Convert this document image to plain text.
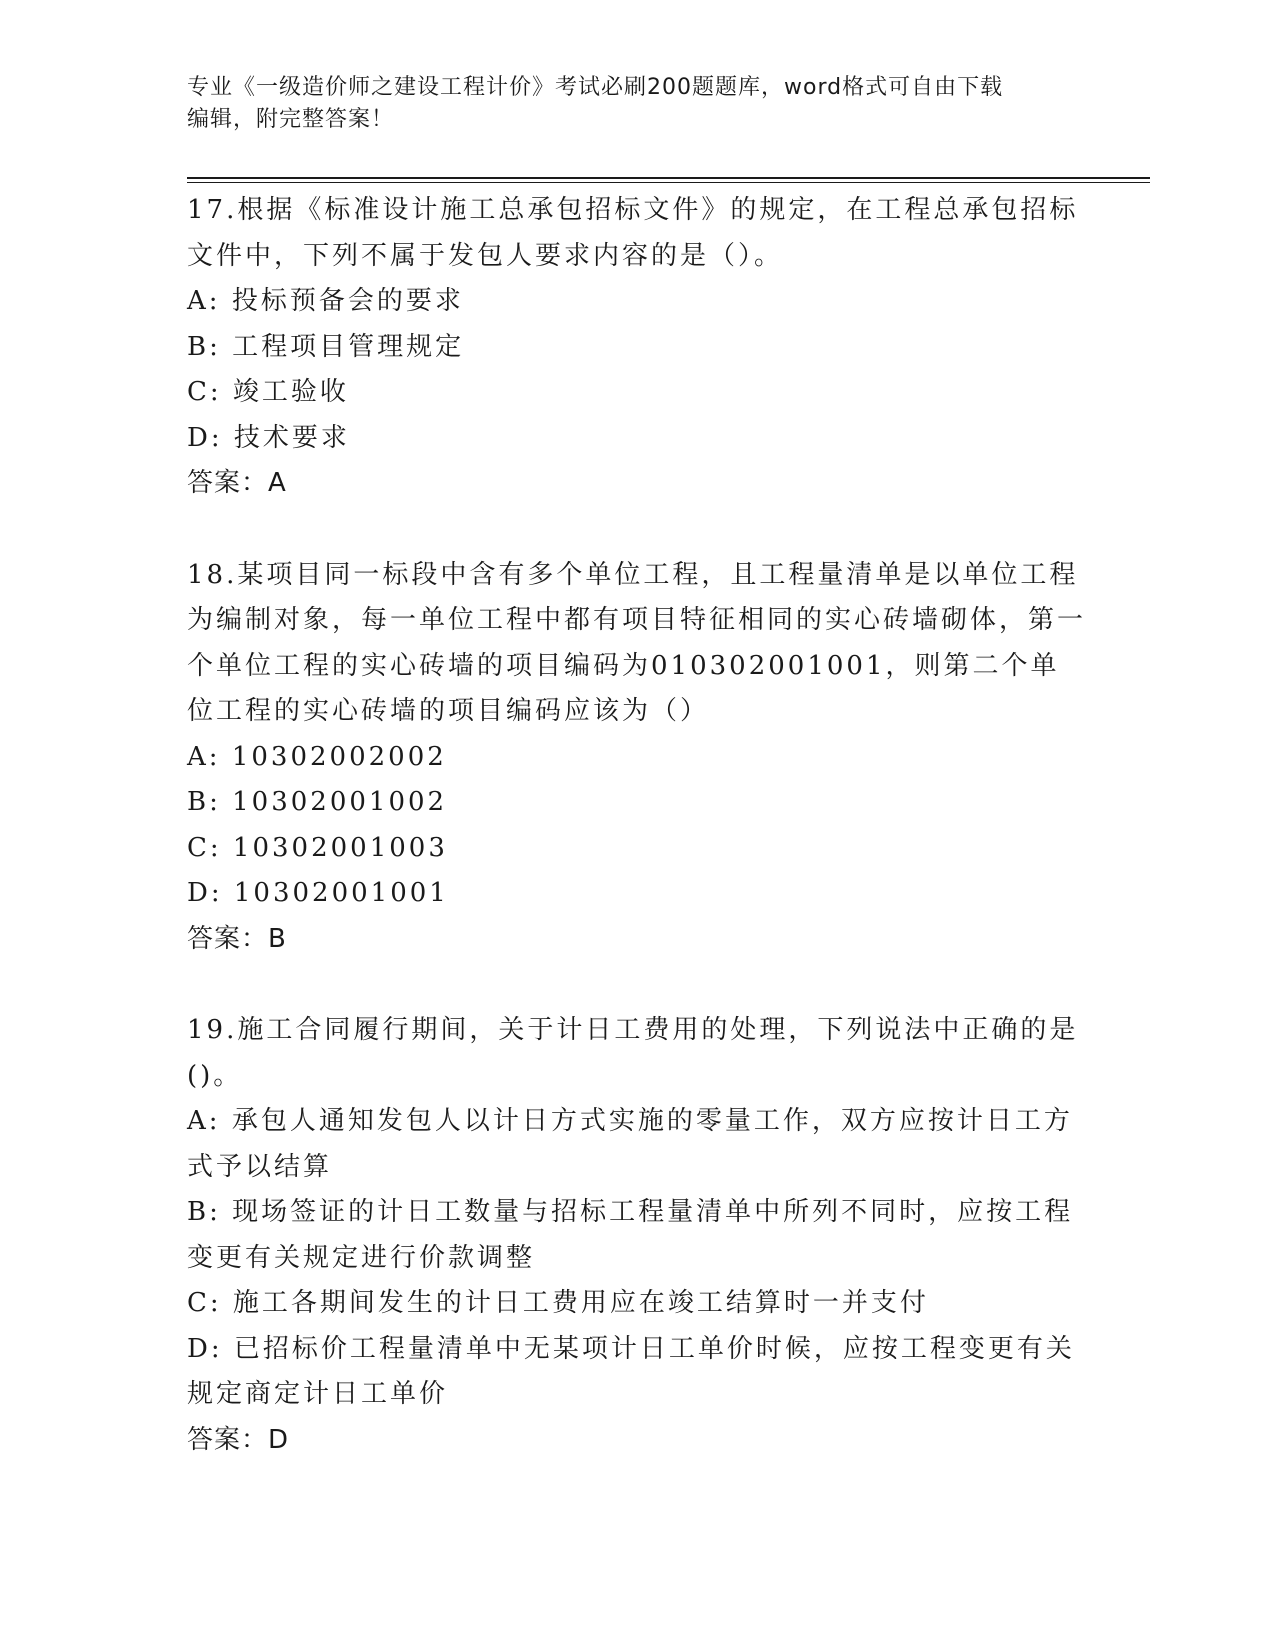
专业《一级造价师之建设工程计价》考试必刷200题题库，word格式可自由下载
编辑，附完整答案！
17.根据《标准设计施工总承包招标文件》的规定，在工程总承包招标文件中，下列不属于发包人要求内容的是（）。
A: 投标预备会的要求
B: 工程项目管理规定
C: 竣工验收
D: 技术要求
答案：A
18.某项目同一标段中含有多个单位工程，且工程量清单是以单位工程为编制对象，每一单位工程中都有项目特征相同的实心砖墙砌体，第一个单位工程的实心砖墙的项目编码为010302001001，则第二个单位工程的实心砖墙的项目编码应该为（）
A: 10302002002
B: 10302001002
C: 10302001003
D: 10302001001
答案：B
19.施工合同履行期间，关于计日工费用的处理，下列说法中正确的是()。
A: 承包人通知发包人以计日方式实施的零量工作，双方应按计日工方式予以结算
B: 现场签证的计日工数量与招标工程量清单中所列不同时，应按工程变更有关规定进行价款调整
C: 施工各期间发生的计日工费用应在竣工结算时一并支付
D: 已招标价工程量清单中无某项计日工单价时候，应按工程变更有关规定商定计日工单价
答案：D
